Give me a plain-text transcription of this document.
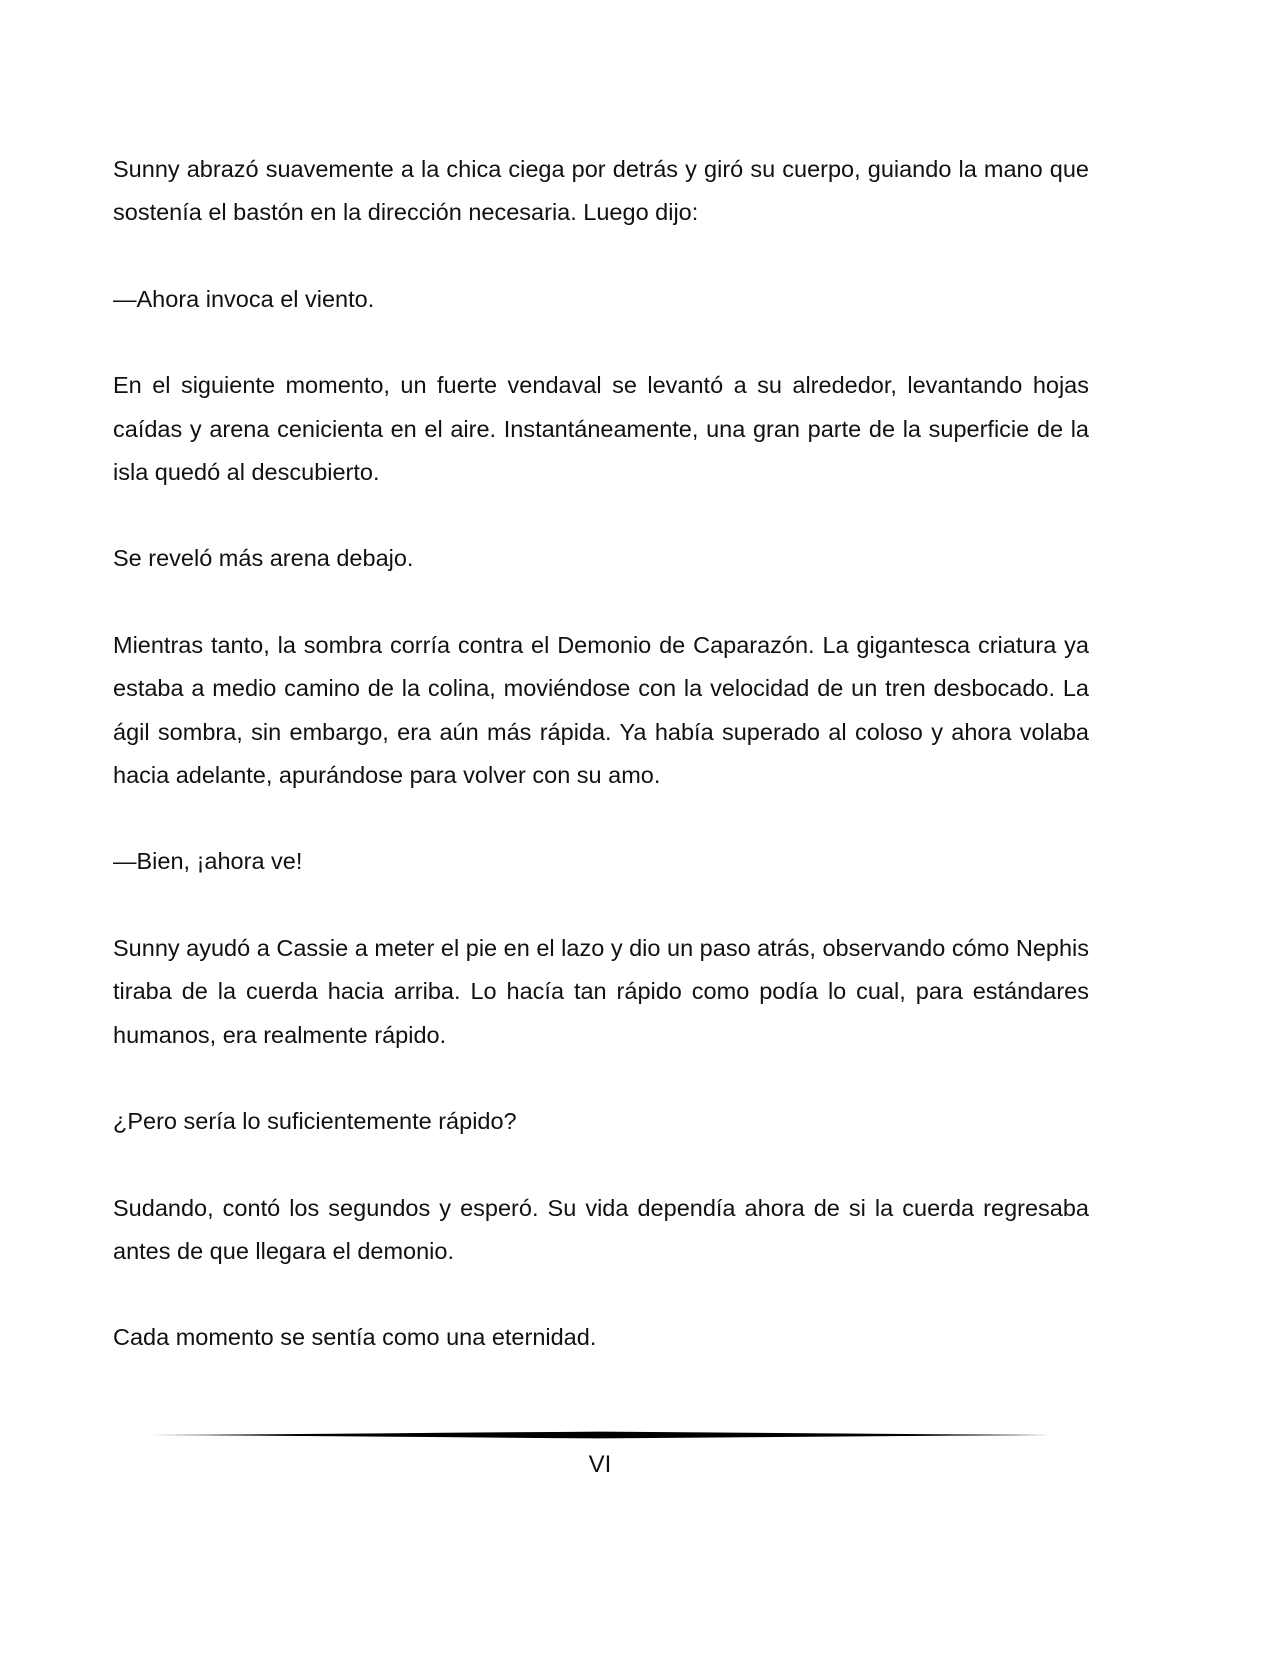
Sunny abrazó suavemente a la chica ciega por detrás y giró su cuerpo, guiando la mano que sostenía el bastón en la dirección necesaria. Luego dijo:

—Ahora invoca el viento.

En el siguiente momento, un fuerte vendaval se levantó a su alrededor, levantando hojas caídas y arena cenicienta en el aire. Instantáneamente, una gran parte de la superficie de la isla quedó al descubierto.

Se reveló más arena debajo.

Mientras tanto, la sombra corría contra el Demonio de Caparazón. La gigantesca criatura ya estaba a medio camino de la colina, moviéndose con la velocidad de un tren desbocado. La ágil sombra, sin embargo, era aún más rápida. Ya había superado al coloso y ahora volaba hacia adelante, apurándose para volver con su amo.

—Bien, ¡ahora ve!

Sunny ayudó a Cassie a meter el pie en el lazo y dio un paso atrás, observando cómo Nephis tiraba de la cuerda hacia arriba. Lo hacía tan rápido como podía lo cual, para estándares humanos, era realmente rápido.

¿Pero sería lo suficientemente rápido?

Sudando, contó los segundos y esperó. Su vida dependía ahora de si la cuerda regresaba antes de que llegara el demonio.

Cada momento se sentía como una eternidad.

VI
